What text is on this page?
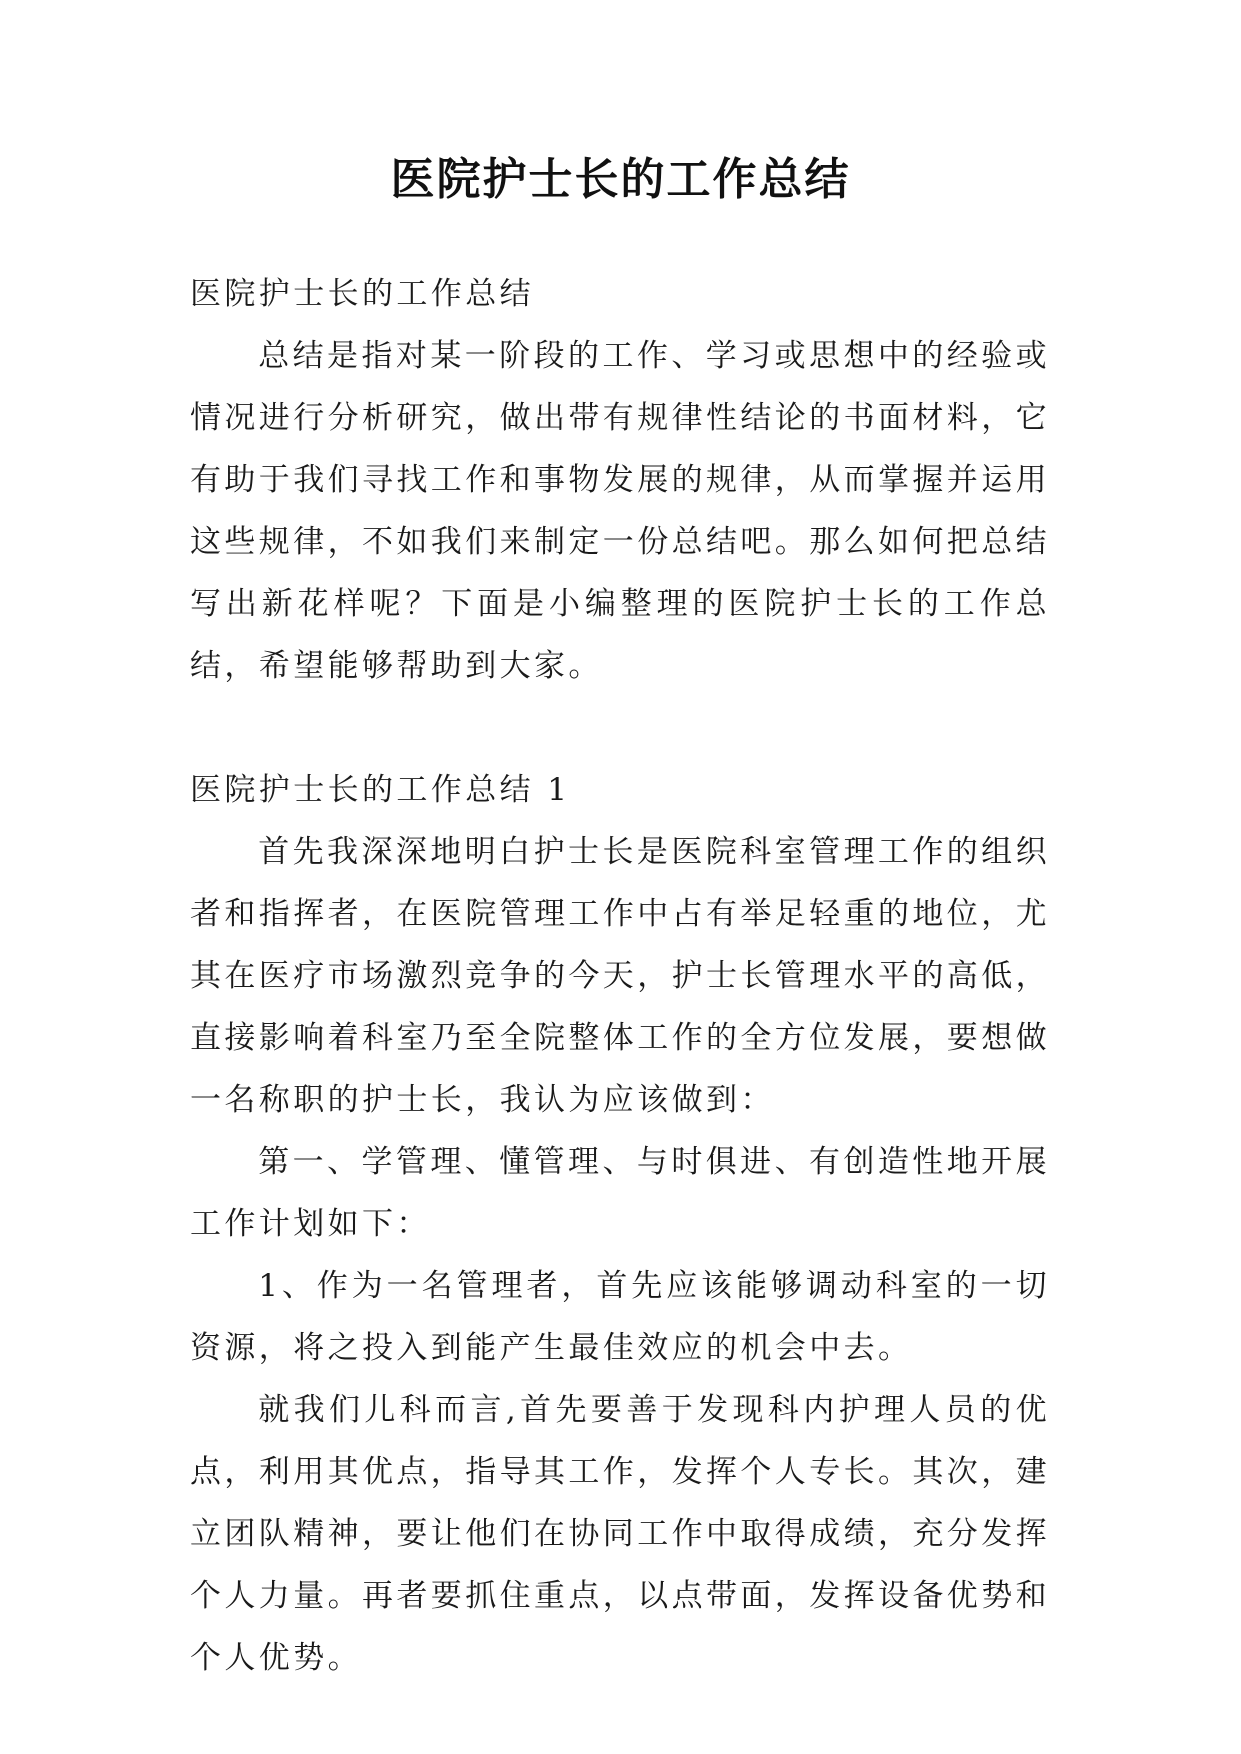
医院护士长的工作总结

医院护士长的工作总结

总结是指对某一阶段的工作、学习或思想中的经验或情况进行分析研究，做出带有规律性结论的书面材料，它有助于我们寻找工作和事物发展的规律，从而掌握并运用这些规律，不如我们来制定一份总结吧。那么如何把总结写出新花样呢？下面是小编整理的医院护士长的工作总结，希望能够帮助到大家。

医院护士长的工作总结 1

首先我深深地明白护士长是医院科室管理工作的组织者和指挥者，在医院管理工作中占有举足轻重的地位，尤其在医疗市场激烈竞争的今天，护士长管理水平的高低，直接影响着科室乃至全院整体工作的全方位发展，要想做一名称职的护士长，我认为应该做到：

第一、学管理、懂管理、与时俱进、有创造性地开展工作计划如下：

1、作为一名管理者，首先应该能够调动科室的一切资源，将之投入到能产生最佳效应的机会中去。

就我们儿科而言,首先要善于发现科内护理人员的优点，利用其优点，指导其工作，发挥个人专长。其次，建立团队精神，要让他们在协同工作中取得成绩，充分发挥个人力量。再者要抓住重点，以点带面，发挥设备优势和个人优势。
